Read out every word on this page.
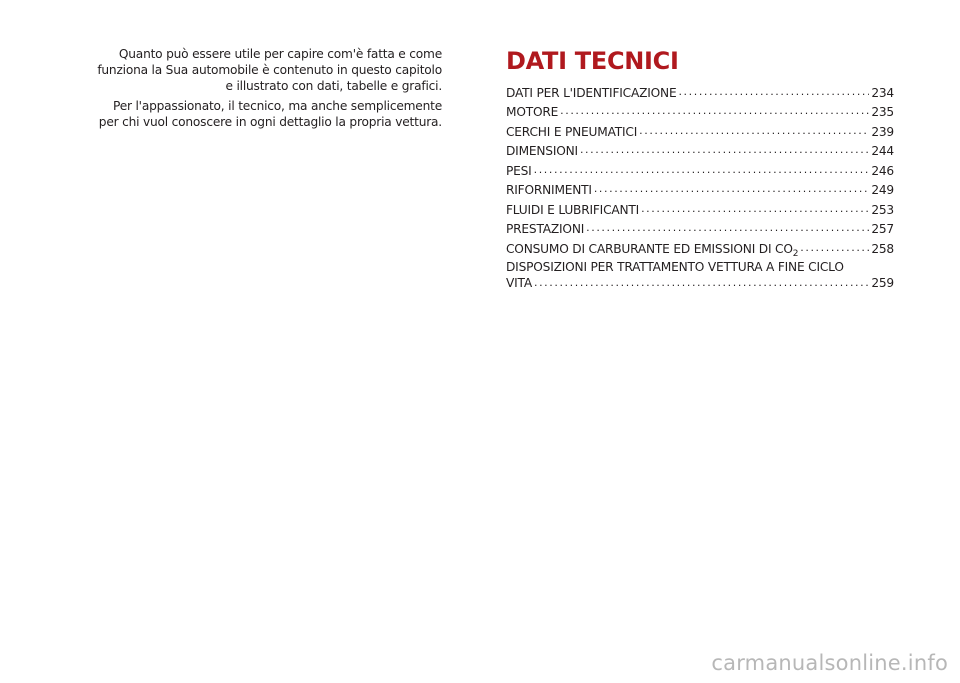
Quanto può essere utile per capire com'è fatta e come funziona la Sua automobile è contenuto in questo capitolo e illustrato con dati, tabelle e grafici.

Per l'appassionato, il tecnico, ma anche semplicemente per chi vuol conoscere in ogni dettaglio la propria vettura.

DATI TECNICI
DATI PER L'IDENTIFICAZIONE .....	234
MOTORE .....	235
CERCHI E PNEUMATICI .....	239
DIMENSIONI .....	244
PESI .....	246
RIFORNIMENTI .....	249
FLUIDI E LUBRIFICANTI .....	253
PRESTAZIONI .....	257
CONSUMO DI CARBURANTE ED EMISSIONI DI $CO_2$ .....	258
DISPOSIZIONI PER TRATTAMENTO VETTURA A FINE CICLO
VITA .....	259
carmanualsonline.info
